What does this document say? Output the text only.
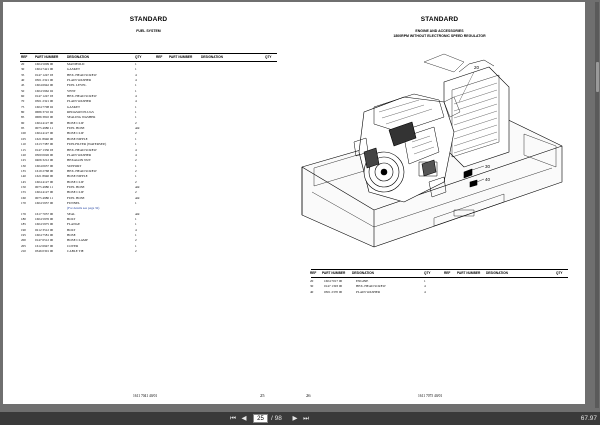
STANDARD
FUEL SYSTEM
REF PART NUMBER	DESIGNATION	QTY	REF PART NUMBER	DESIGNATION	QTY
20	1604 5009 00	MANIFOLD	1
30	1604 7421 00	GASKET	1
35	0147 1247 03	HEX. HEAD SCREW	4
40	0301 2321 00	PLAIN WASHER	4
45	1604 6942 00	FUEL LEVEL	1
50	1604 5962 02	VENT	1
60	0147 1247 03	HEX. HEAD SCREW	4
70	0301 2321 00	PLAIN WASHER	4
75	1604 7708 02	GASKET	1
80	0686 3710 02	REDASON PLUGS	1
85	0686 3810 00	SEALING WASHER	1
90	1604 4127 00	HOSE CLIP	2
95	0075 4980 11	FUEL HOSE	AR
100	1604 4127 00	HOSE CLIP	2
105	1621 8940 00	HOSE NIPPLE	1
110	1613 7387 00	FUELFILTER (WATERSEP.)	1
115	0147 1336 03	HEX. HEAD SCREW	4
120	0300 0026 00	PLAIN WASHER	4
125	0406 3212 00	HEXAGON NUT	2
130	1604 0657 00	SUPPORT	1
135	1619 2768 00	HEX. HEAD SCREW	2
140	1621 8940 00	HOSE NIPPLE	1
145	1604 4127 00	HOSE CLIP	2
150	0075 4980 11	FUEL HOSE	AR
155	1604 4127 00	HOSE CLIP	2
160	0075 4980 11	FUEL HOSE	AR
170	1604 5957 00	FUNNEL	1
(For details see page 32)
176	1617 7057 00	SEAL	AR
180	1604 5976 00	BOLT	1
185	1604 5975 00	FLANGE	1
190	0212 3512 00	BOLT	4
195	1604 7581 00	HOSE	1
200	0147 6512 00	HOSE CLAMP	2
205	1612 6947 00	COVER	1
210	0346 0301 00	CABLE TIE	2
1611 7041 40/01	25
STANDARD
ENGINE AND ACCESSORIES
1800RPM WITHOUT ELECTRONIC SPEED REGULATOR
20
30
40
REF PART NUMBER DESIGNATION	QTY	REF PART NUMBER DESIGNATION	QTY
20	1604 7017 00	ENGINE	1
30	0147 1393 00	HEX. HEAD SCREW	4
40	0301 2370 00	PLAIN WASHER	4
26	1611 7075 40/01
⏮ ◀	25	/ 98	▶ ⏭	67.97
